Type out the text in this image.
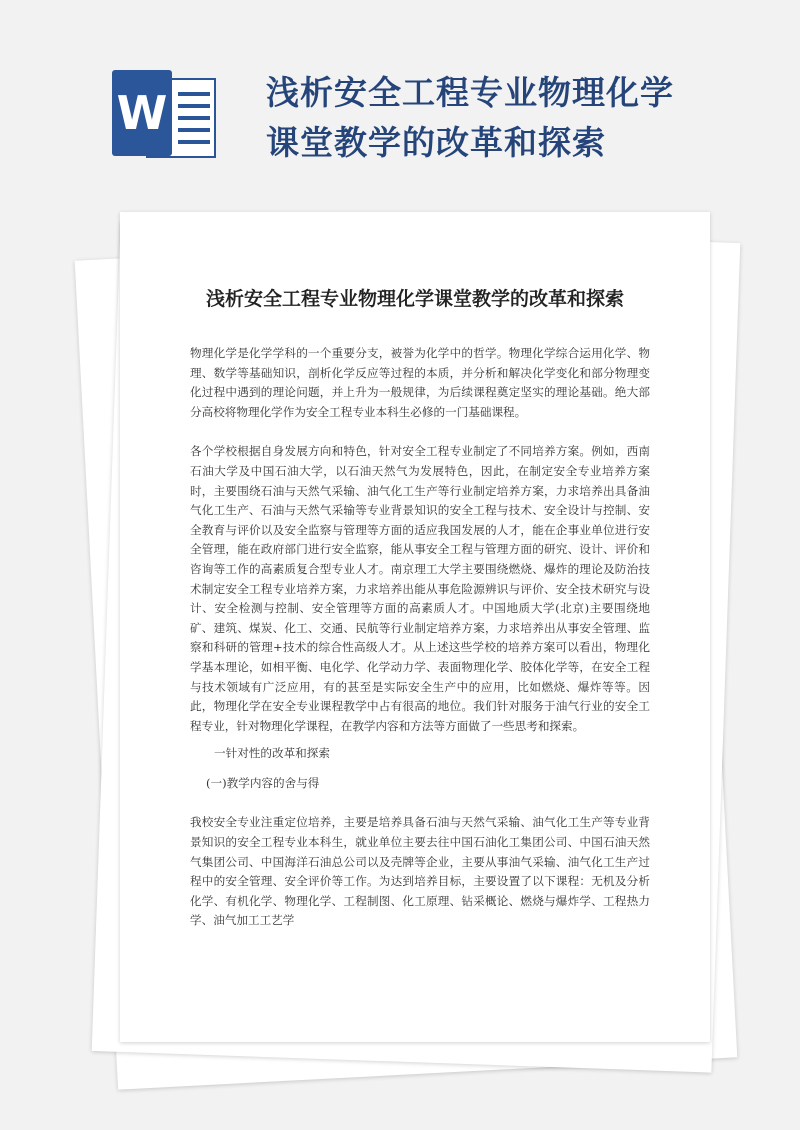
W	浅析安全工程专业物理化学课堂教学的改革和探索
浅析安全工程专业物理化学课堂教学的改革和探索

物理化学是化学学科的一个重要分支，被誉为化学中的哲学。物理化学综合运用化学、物理、数学等基础知识，剖析化学反应等过程的本质，并分析和解决化学变化和部分物理变化过程中遇到的理论问题，并上升为一般规律，为后续课程奠定坚实的理论基础。绝大部分高校将物理化学作为安全工程专业本科生必修的一门基础课程。

各个学校根据自身发展方向和特色，针对安全工程专业制定了不同培养方案。例如，西南石油大学及中国石油大学，以石油天然气为发展特色，因此，在制定安全专业培养方案时，主要围绕石油与天然气采输、油气化工生产等行业制定培养方案，力求培养出具备油气化工生产、石油与天然气采输等专业背景知识的安全工程与技术、安全设计与控制、安全教育与评价以及安全监察与管理等方面的适应我国发展的人才，能在企事业单位进行安全管理，能在政府部门进行安全监察，能从事安全工程与管理方面的研究、设计、评价和咨询等工作的高素质复合型专业人才。南京理工大学主要围绕燃烧、爆炸的理论及防治技术制定安全工程专业培养方案，力求培养出能从事危险源辨识与评价、安全技术研究与设计、安全检测与控制、安全管理等方面的高素质人才。中国地质大学(北京)主要围绕地矿、建筑、煤炭、化工、交通、民航等行业制定培养方案，力求培养出从事安全管理、监察和科研的管理+技术的综合性高级人才。从上述这些学校的培养方案可以看出，物理化学基本理论，如相平衡、电化学、化学动力学、表面物理化学、胶体化学等，在安全工程与技术领域有广泛应用，有的甚至是实际安全生产中的应用，比如燃烧、爆炸等等。因此，物理化学在安全专业课程教学中占有很高的地位。我们针对服务于油气行业的安全工程专业，针对物理化学课程，在教学内容和方法等方面做了一些思考和探索。

一针对性的改革和探索

(一)教学内容的舍与得

我校安全专业注重定位培养，主要是培养具备石油与天然气采输、油气化工生产等专业背景知识的安全工程专业本科生，就业单位主要去往中国石油化工集团公司、中国石油天然气集团公司、中国海洋石油总公司以及壳牌等企业，主要从事油气采输、油气化工生产过程中的安全管理、安全评价等工作。为达到培养目标，主要设置了以下课程：无机及分析化学、有机化学、物理化学、工程制图、化工原理、钻采概论、燃烧与爆炸学、工程热力学、油气加工工艺学
